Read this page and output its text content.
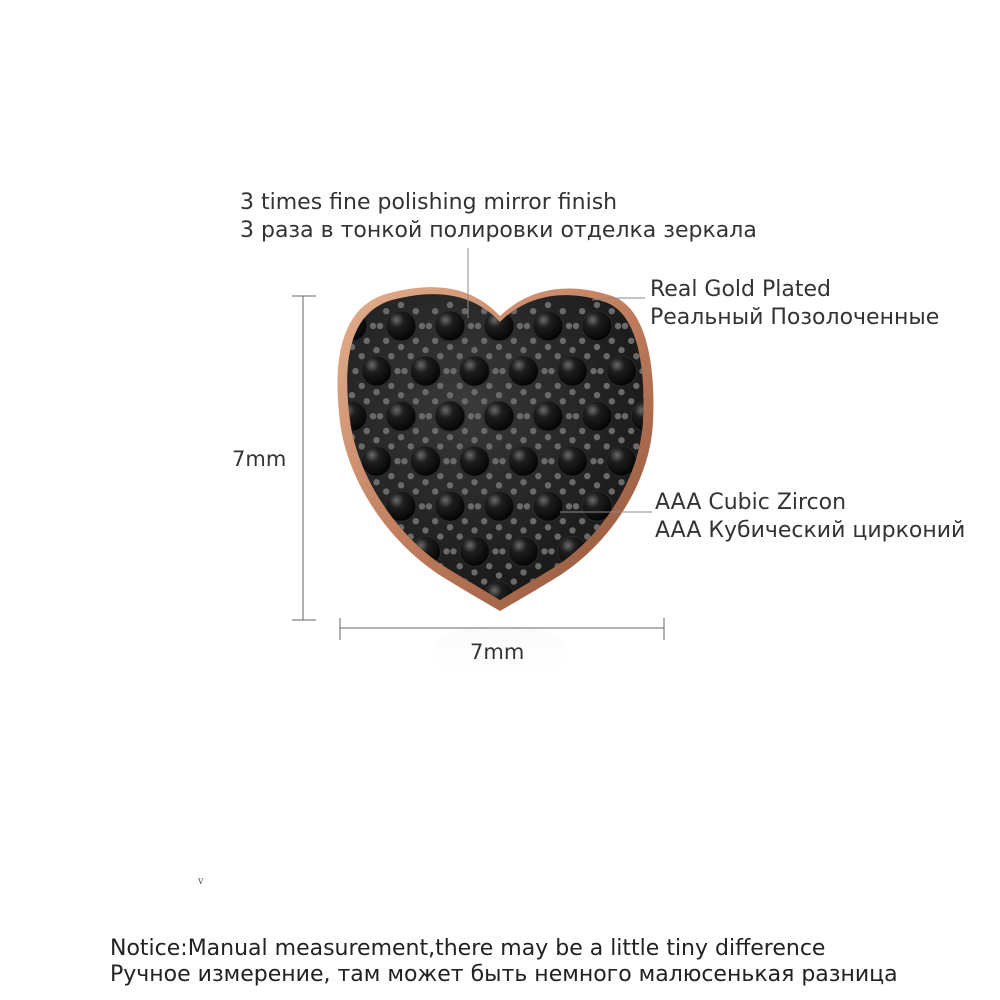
3 times fine polishing mirror finish
3 раза в тонкой полировки отделка зеркала
Real Gold Plated
Реальный Позолоченные
AAA Cubic Zircon
AAA Кубический цирконий
7mm
7mm
v
Notice:Manual measurement,there may be a little tiny difference
Ручное измерение, там может быть немного малюсенькая разница
